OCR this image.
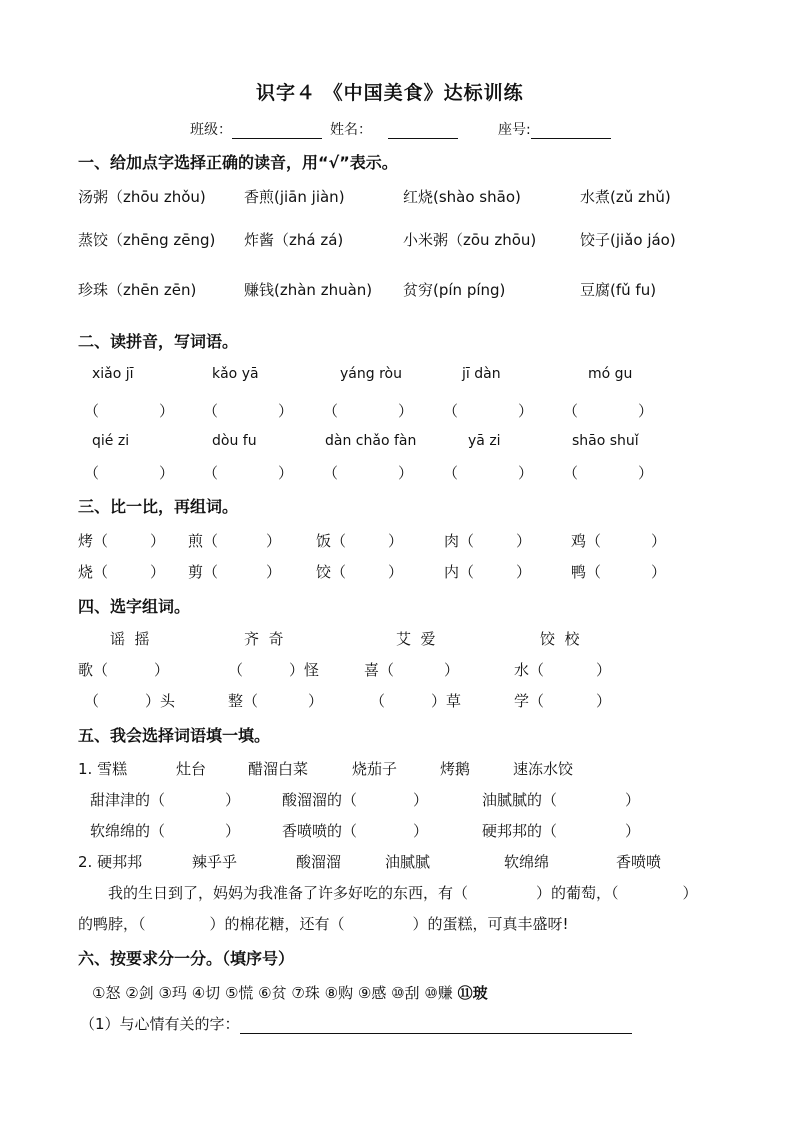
识字４ 《中国美食》达标训练
班级：	姓名：	座号:
一、给加点字选择正确的读音，用“√”表示。
汤粥（zhōu zhǒu)	香煎(jiān jiàn)	红烧(shào shāo)	水煮(zǔ zhǔ)
蒸饺（zhēng zēng) 炸酱（zhá zá)	小米粥（zōu zhōu)	饺子(jiǎo jáo)
珍珠（zhēn zēn)	赚钱(zhàn zhuàn) 贫穷(pín píng)	豆腐(fǔ fu)
二、读拼音，写词语。
xiǎo jī	kǎo yā	yáng ròu	jī dàn	mó gu
（	） （	） （	） （	） （	）
qié zi	dòu fu	dàn chǎo fàn	yā zi	shāo shuǐ
（	） （	） （	） （	） （	）
三、比一比，再组词。
烤（	） 煎（	） 饭（	）	肉（	）	鸡（	）
烧（	） 剪（	） 饺（	）	内（	）	鸭（	）
四、选字组词。
谣  摇	齐  奇	艾  爱	饺  校
歌（	）	（	）怪	喜（	）	水（	）
（	）头	整（	）	（	）草	学（	）
五、我会选择词语填一填。
1. 雪糕	灶台	醋溜白菜	烧茄子	烤鹅	速冻水饺
甜津津的（	）	酸溜溜的（	）	油腻腻的（	）
软绵绵的（	）	香喷喷的（	）	硬邦邦的（	）
2. 硬邦邦	辣乎乎	酸溜溜	油腻腻	软绵绵	香喷喷
我的生日到了，妈妈为我准备了许多好吃的东西，有（	）的葡萄，（	）
的鸭脖，（	）的棉花糖，还有（	）的蛋糕，可真丰盛呀!
六、按要求分一分。（填序号）
①怒 ②剑 ③玛 ④切 ⑤慌 ⑥贫 ⑦珠 ⑧购 ⑨感 ⑩刮 ⑩赚 ⑪玻
（1）与心情有关的字：
